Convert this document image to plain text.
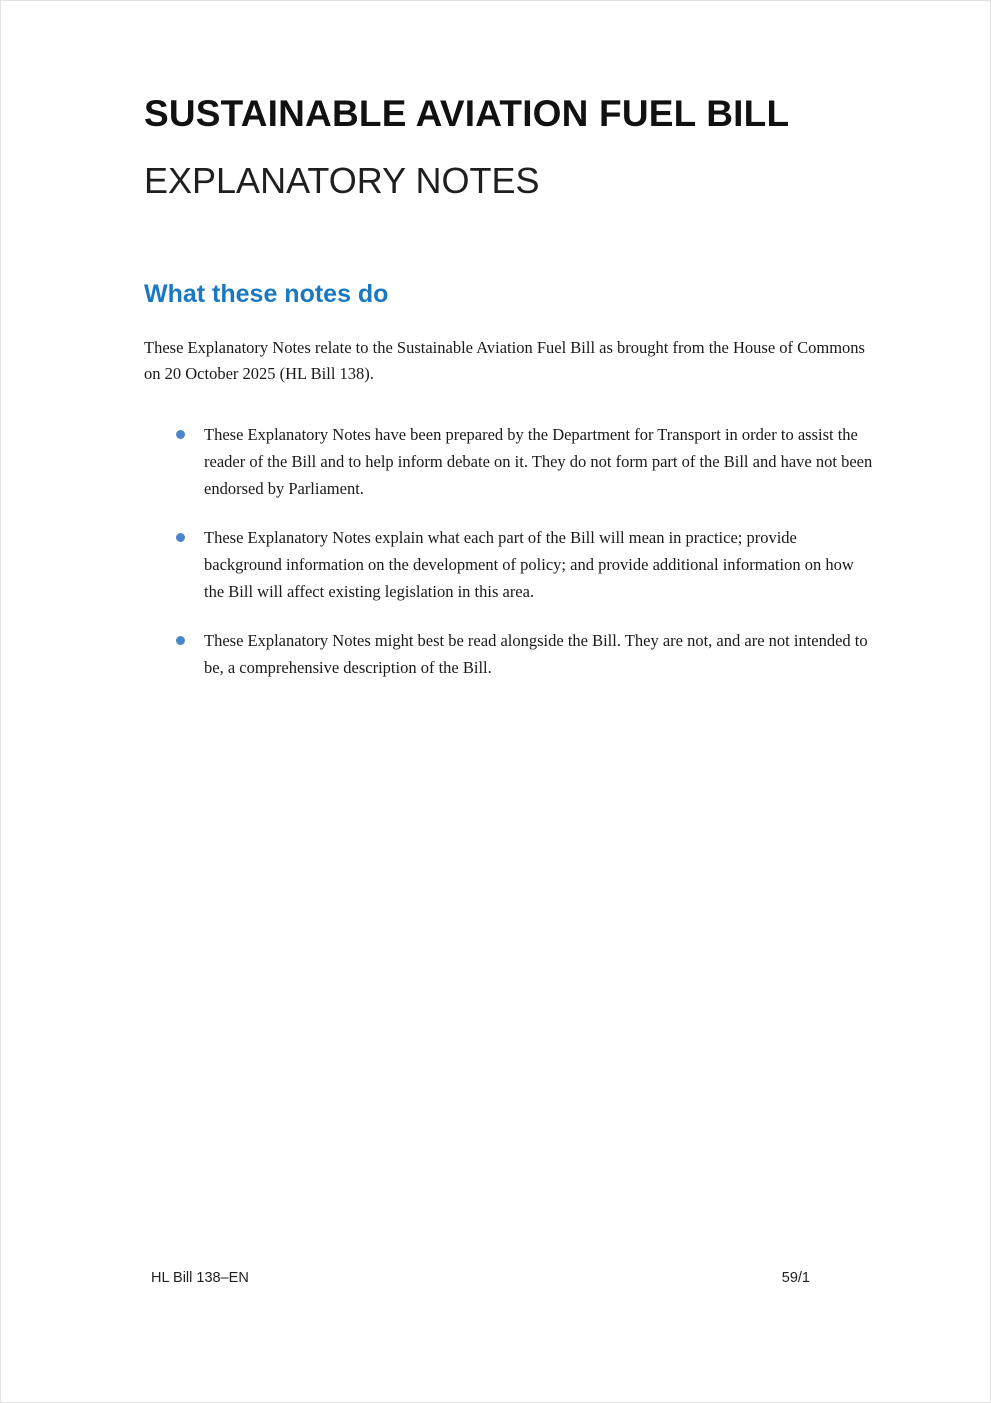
SUSTAINABLE AVIATION FUEL BILL
EXPLANATORY NOTES
What these notes do

These Explanatory Notes relate to the Sustainable Aviation Fuel Bill as brought from the House of Commons on 20 October 2025 (HL Bill 138).

These Explanatory Notes have been prepared by the Department for Transport in order to assist the reader of the Bill and to help inform debate on it. They do not form part of the Bill and have not been endorsed by Parliament.
These Explanatory Notes explain what each part of the Bill will mean in practice; provide background information on the development of policy; and provide additional information on how the Bill will affect existing legislation in this area.
These Explanatory Notes might best be read alongside the Bill. They are not, and are not intended to be, a comprehensive description of the Bill.
HL Bill 138–EN	59/1
